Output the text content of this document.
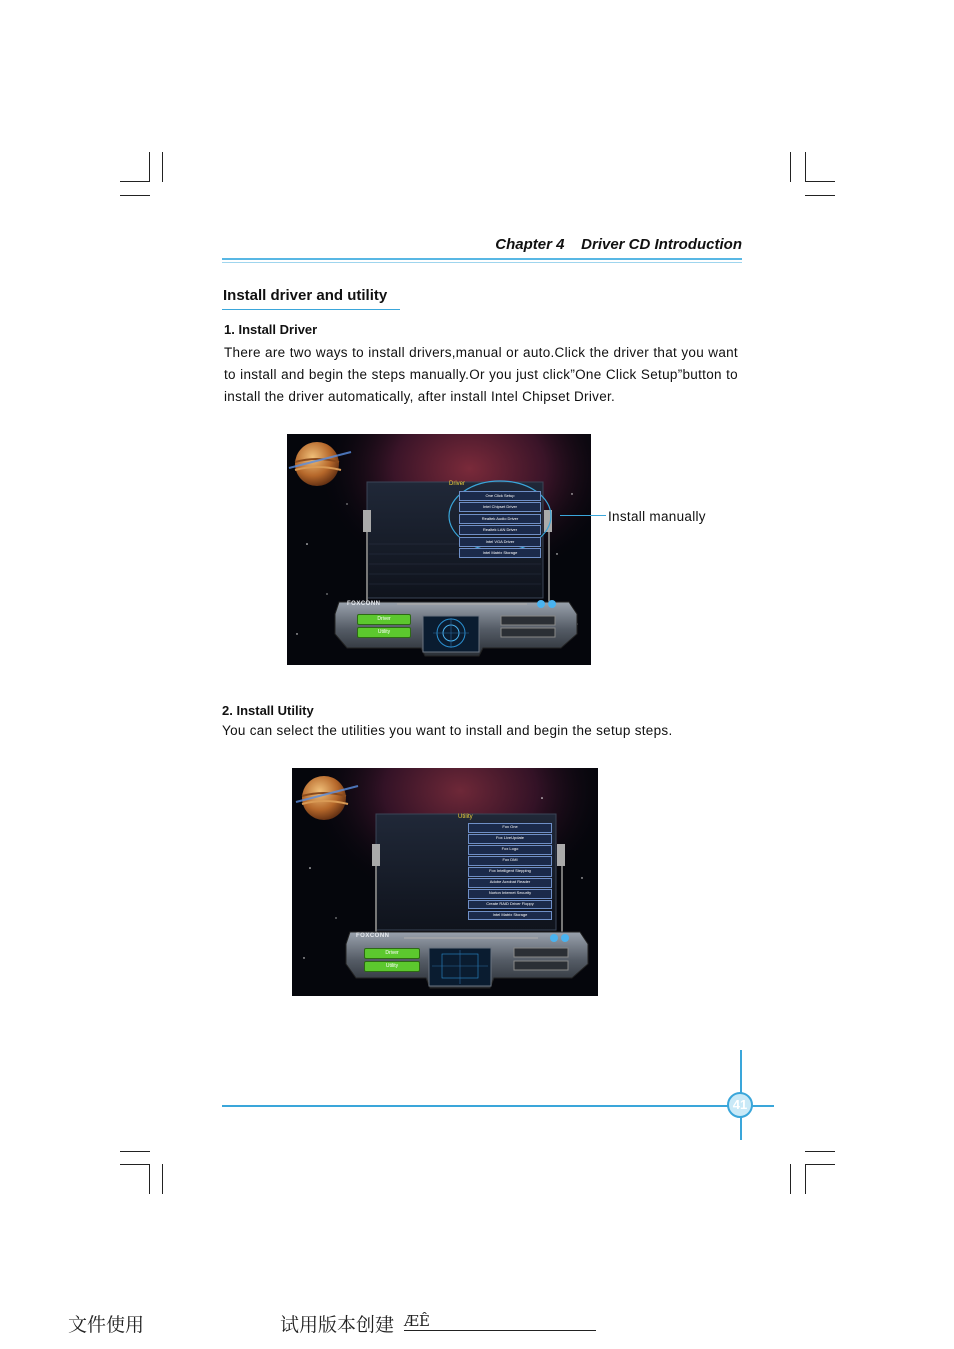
Chapter 4 Driver CD Introduction
Install driver and utility
1. Install Driver
There are two ways to install drivers,manual or auto.Click the driver that you want to install and begin the steps manually.Or you just click”One Click Setup”button to install the driver automatically, after install Intel Chipset Driver.
FOXCONN
Driver
One Click Setup
Intel Chipset Driver
Realtek Audio Driver
Realtek LAN Driver
Intel VGA Driver
Intel Matrix Storage
Driver
Utility
Install manually
2. Install Utility
You can select the utilities you want to install and begin the setup steps.
FOXCONN
Utility
Fox One
Fox LiveUpdate
Fox Logo
Fox DMI
Fox Intelligent Stepping
Adobe Acrobat Reader
Norton Internet Security
Create RAID Driver Floppy
Intel Matrix Storage
Driver
Utility
41
文件使用	试用版本创建 ÆÊ
